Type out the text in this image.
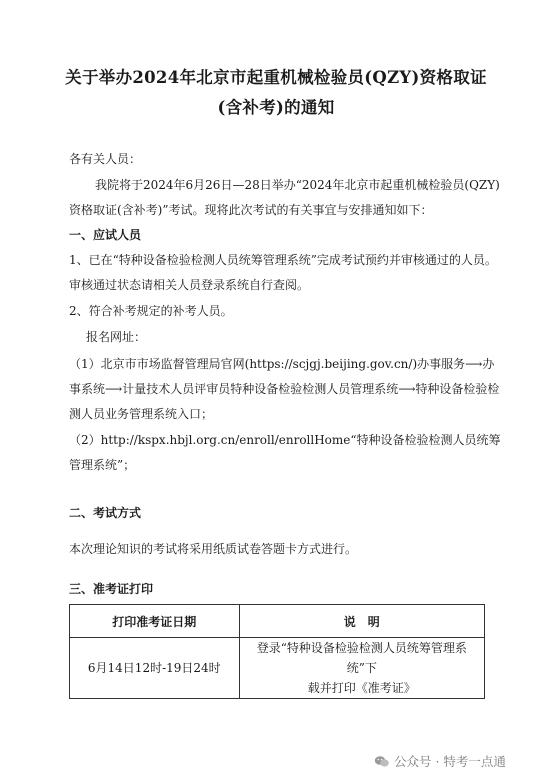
关于举办2024年北京市起重机械检验员(QZY)资格取证
(含补考)的通知
各有关人员：
我院将于2024年6月26日—28日举办“2024年北京市起重机械检验员(QZY)
资格取证(含补考)”考试。现将此次考试的有关事宜与安排通知如下：
一、应试人员
1、已在“特种设备检验检测人员统筹管理系统”完成考试预约并审核通过的人员。
审核通过状态请相关人员登录系统自行查阅。
2、符合补考规定的补考人员。
报名网址：
（1）北京市市场监督管理局官网(https://scjgj.beijing.gov.cn/)办事服务⟶办
事系统⟶计量技术人员评审员特种设备检验检测人员管理系统⟶特种设备检验检
测人员业务管理系统入口；
（2）http://kspx.hbjl.org.cn/enroll/enrollHome“特种设备检验检测人员统筹
管理系统”；
二、考试方式
本次理论知识的考试将采用纸质试卷答题卡方式进行。
三、准考证打印
打印准考证日期	说　明
6月14日12时-19日24时	登录“特种设备检验检测人员统筹管理系统”下
载并打印《准考证》
公众号 · 特考一点通
